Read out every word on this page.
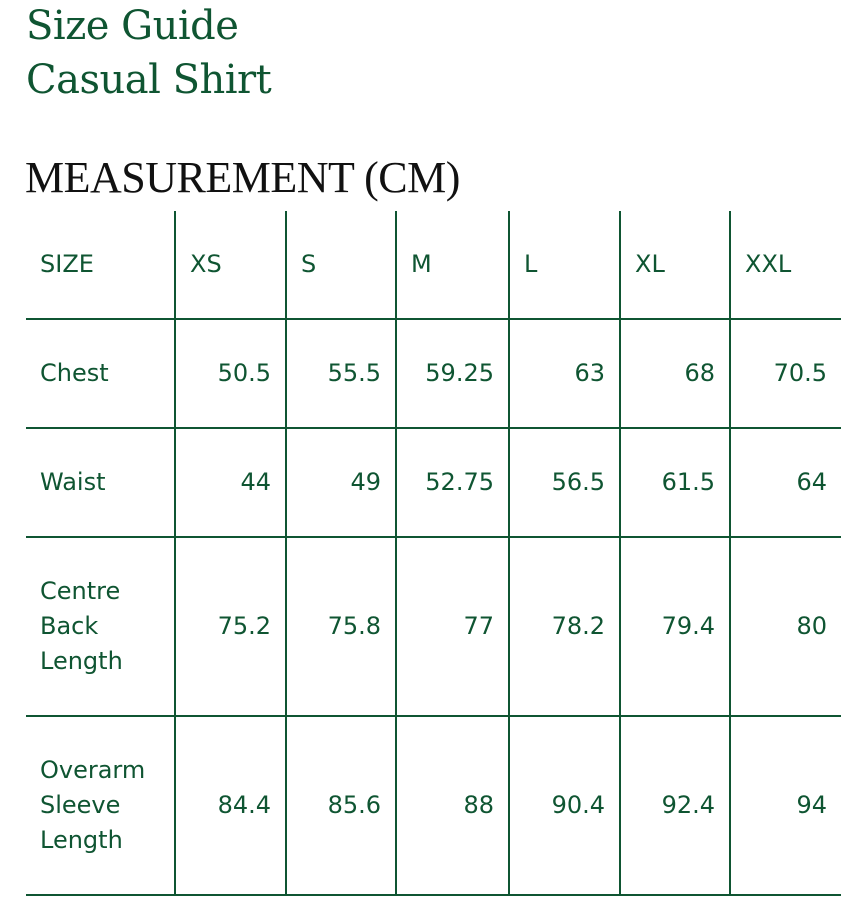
Size Guide
Casual Shirt
MEASUREMENT (CM)
SIZE	XS	S	M	L	XL	XXL
Chest	50.5	55.5	59.25	63	68	70.5
Waist	44	49	52.75	56.5	61.5	64
Centre
Back
Length	75.2	75.8	77	78.2	79.4	80
Overarm
Sleeve
Length	84.4	85.6	88	90.4	92.4	94
